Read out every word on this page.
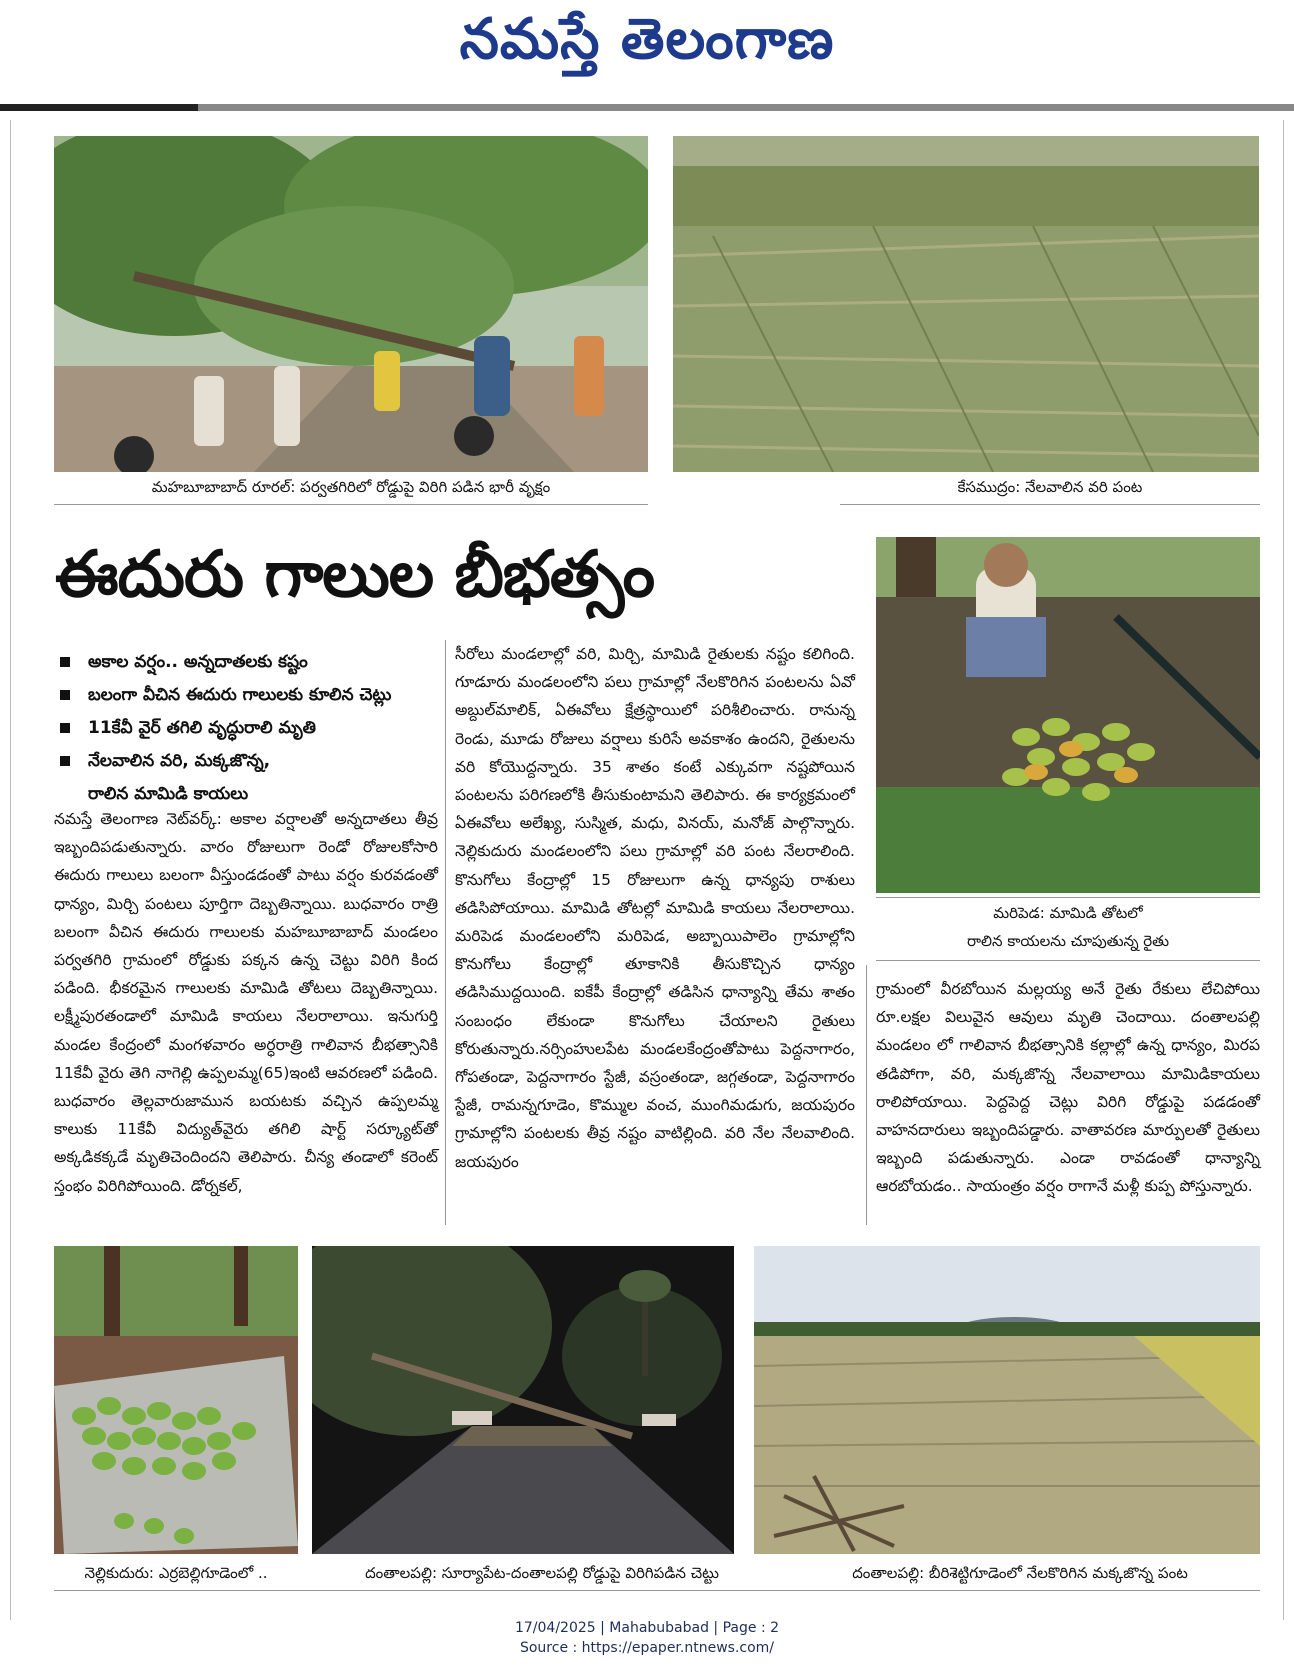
నమస్తే తెలంగాణ
మహబూబాబాద్ రూరల్: పర్వతగిరిలో రోడ్డుపై విరిగి పడిన భారీ వృక్షం	కేసముద్రం: నేలవాలిన వరి పంట
ఈదురు గాలుల బీభత్సం
మరిపెడ: మామిడి తోటలో
రాలిన కాయలను చూపుతున్న రైతు
అకాల వర్షం.. అన్నదాతలకు కష్టం
బలంగా వీచిన ఈదురు గాలులకు కూలిన చెట్లు
11కేవీ వైర్ తగిలి వృద్ధురాలి మృతి
నేలవాలిన వరి, మక్కజొన్న,
రాలిన మామిడి కాయలు

నమస్తే తెలంగాణ నెట్‌వర్క్: అకాల వర్షాలతో అన్నదాతలు తీవ్ర ఇబ్బందిపడుతున్నారు. వారం రోజులుగా రెండో రోజులకోసారి ఈదురు గాలులు బలంగా వీస్తుండడంతో పాటు వర్షం కురవడంతో ధాన్యం, మిర్చి పంటలు పూర్తిగా దెబ్బతిన్నాయి. బుధవారం రాత్రి బలంగా వీచిన ఈదురు గాలులకు మహబూబాబాద్ మండలం పర్వతగిరి గ్రామంలో రోడ్డుకు పక్కన ఉన్న చెట్టు విరిగి కింద పడింది. భీకరమైన గాలులకు మామిడి తోటలు దెబ్బతిన్నాయి. లక్ష్మీపురతండాలో మామిడి కాయలు నేలరాలాయి. ఇనుగుర్తి మండల కేంద్రంలో మంగళవారం అర్ధరాత్రి గాలివాన బీభత్సానికి 11కేవీ వైరు తెగి నాగెల్లి ఉప్పలమ్మ(65)ఇంటి ఆవరణలో పడింది. బుధవారం తెల్లవారుజామున బయటకు వచ్చిన ఉప్పలమ్మ కాలుకు 11కేవీ విద్యుత్‌వైరు తగిలి షార్ట్ సర్క్యూట్‌తో అక్కడికక్కడే మృతిచెందిందని తెలిపారు. చీన్య తండాలో కరెంట్ స్తంభం విరిగిపోయింది. డోర్నకల్,

సీరోలు మండలాల్లో వరి, మిర్చి, మామిడి రైతులకు నష్టం కలిగింది. గూడూరు మండలంలోని పలు గ్రామాల్లో నేలకొరిగిన పంటలను ఏవో అబ్దుల్‌మాలిక్, ఏఈవోలు క్షేత్రస్థాయిలో పరిశీలించారు. రానున్న రెండు, మూడు రోజులు వర్షాలు కురిసే అవకాశం ఉందని, రైతులను వరి కోయొద్దన్నారు. 35 శాతం కంటే ఎక్కువగా నష్టపోయిన పంటలను పరిగణలోకి తీసుకుంటామని తెలిపారు. ఈ కార్యక్రమంలో ఏఈవోలు అలేఖ్య, సుస్మిత, మధు, వినయ్, మనోజ్ పాల్గొన్నారు. నెల్లికుదురు మండలంలోని పలు గ్రామాల్లో వరి పంట నేలరాలింది. కొనుగోలు కేంద్రాల్లో 15 రోజులుగా ఉన్న ధాన్యపు రాశులు తడిసిపోయాయి. మామిడి తోటల్లో మామిడి కాయలు నేలరాలాయి. మరిపెడ మండలంలోని మరిపెడ, అబ్బాయిపాలెం గ్రామాల్లోని కొనుగోలు కేంద్రాల్లో తూకానికి తీసుకొచ్చిన ధాన్యం తడిసిముద్దయింది. ఐకేపీ కేంద్రాల్లో తడిసిన ధాన్యాన్ని తేమ శాతం సంబంధం లేకుండా కొనుగోలు చేయాలని రైతులు కోరుతున్నారు.నర్సింహులపేట మండలకేంద్రంతోపాటు పెద్దనాగారం, గోపతండా, పెద్దనాగారం స్టేజీ, వస్రంతండా, జగ్గతండా, పెద్దనాగారం స్టేజీ, రామన్నగూడెం, కొమ్ముల వంచ, ముంగిమడుగు, జయపురం గ్రామాల్లోని పంటలకు తీవ్ర నష్టం వాటిల్లింది. వరి నేల నేలవాలింది. జయపురం

గ్రామంలో వీరబోయిన మల్లయ్య అనే రైతు రేకులు లేచిపోయి రూ.లక్షల విలువైన ఆవులు మృతి చెందాయి. దంతాలపల్లి మండలం లో గాలివాన బీభత్సానికి కల్లాల్లో ఉన్న ధాన్యం, మిరప తడిపోగా, వరి, మక్కజొన్న నేలవాలాయి మామిడికాయలు రాలిపోయాయి. పెద్దపెద్ద చెట్లు విరిగి రోడ్డుపై పడడంతో వాహనదారులు ఇబ్బందిపడ్డారు. వాతావరణ మార్పులతో రైతులు ఇబ్బంది పడుతున్నారు. ఎండా రావడంతో ధాన్యాన్ని ఆరబోయడం.. సాయంత్రం వర్షం రాగానే మళ్లీ కుప్ప పోస్తున్నారు.

నెల్లికుదురు: ఎర్రబెల్లిగూడెంలో ..	దంతాలపల్లి: సూర్యాపేట-దంతాలపల్లి రోడ్డుపై విరిగిపడిన చెట్టు	దంతాలపల్లి: బీరిశెట్టిగూడెంలో నేలకొరిగిన మక్కజొన్న పంట
17/04/2025 | Mahabubabad | Page : 2
Source : https://epaper.ntnews.com/
